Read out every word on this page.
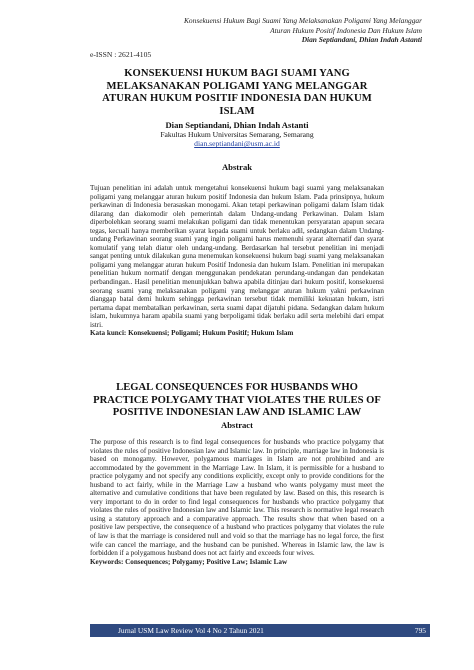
Konsekuensi Hukum Bagi Suami Yang Melaksanakan Poligami Yang Melanggar
Aturan Hukum Positif Indonesia Dan Hukum Islam
Dian Septiandani, Dhian Indah Astanti
e-ISSN : 2621-4105
KONSEKUENSI HUKUM BAGI SUAMI YANG MELAKSANAKAN POLIGAMI YANG MELANGGAR ATURAN HUKUM POSITIF INDONESIA DAN HUKUM ISLAM
Dian Septiandani, Dhian Indah Astanti
Fakultas Hukum Universitas Semarang, Semarang
dian.septiandani@usm.ac.id
Abstrak
Tujuan penelitian ini adalah untuk mengetahui konsekuensi hukum bagi suami yang melaksanakan poligami yang melanggar aturan hukum positif Indonesia dan hukum Islam. Pada prinsipnya, hukum perkawinan di Indonesia berasaskan monogami. Akan tetapi perkawinan poligami dalam Islam tidak dilarang dan diakomodir oleh pemerintah dalam Undang-undang Perkawinan. Dalam Islam diperbolehkan seorang suami melakukan poligami dan tidak menentukan persyaratan apapun secara tegas, kecuali hanya memberikan syarat kepada suami untuk berlaku adil, sedangkan dalam Undang-undang Perkawinan seorang suami yang ingin poligami harus memenuhi syarat alternatif dan syarat komulatif yang telah diatur oleh undang-undang. Berdasarkan hal tersebut penelitian ini menjadi sangat penting untuk dilakukan guna menemukan konsekuensi hukum bagi suami yang melaksanakan poligami yang melanggar aturan hukum Positif Indonesia dan hukum Islam. Penelitian ini merupakan penelitian hukum normatif dengan menggunakan pendekatan perundang-undangan dan pendekatan perbandingan.. Hasil penelitian menunjukkan bahwa apabila ditinjau dari hukum positif, konsekuensi seorang suami yang melaksanakan poligami yang melanggar aturan hukum yakni perkawinan dianggap batal demi hukum sehingga perkawinan tersebut tidak memiliki kekuatan hukum, istri pertama dapat membatalkan perkawinan, serta suami dapat dijatuhi pidana. Sedangkan dalam hukum islam, hukumnya haram apabila suami yang berpoligami tidak berlaku adil serta melebihi dari empat istri.
Kata kunci: Konsekuensi; Poligami; Hukum Positif; Hukum Islam
LEGAL CONSEQUENCES FOR HUSBANDS WHO PRACTICE POLYGAMY THAT VIOLATES THE RULES OF POSITIVE INDONESIAN LAW AND ISLAMIC LAW
Abstract
The purpose of this research is to find legal consequences for husbands who practice polygamy that violates the rules of positive Indonesian law and Islamic law. In principle, marriage law in Indonesia is based on monogamy. However, polygamous marriages in Islam are not prohibited and are accommodated by the government in the Marriage Law. In Islam, it is permissible for a husband to practice polygamy and not specify any conditions explicitly, except only to provide conditions for the husband to act fairly, while in the Marriage Law a husband who wants polygamy must meet the alternative and cumulative conditions that have been regulated by law. Based on this, this research is very important to do in order to find legal consequences for husbands who practice polygamy that violates the rules of positive Indonesian law and Islamic law. This research is normative legal research using a statutory approach and a comparative approach. The results show that when based on a positive law perspective, the consequence of a husband who practices polygamy that violates the rule of law is that the marriage is considered null and void so that the marriage has no legal force, the first wife can cancel the marriage, and the husband can be punished. Whereas in Islamic law, the law is forbidden if a polygamous husband does not act fairly and exceeds four wives.
Keywords: Consequences; Polygamy; Positive Law; Islamic Law
Jurnal USM Law Review Vol 4 No 2 Tahun 2021	795
